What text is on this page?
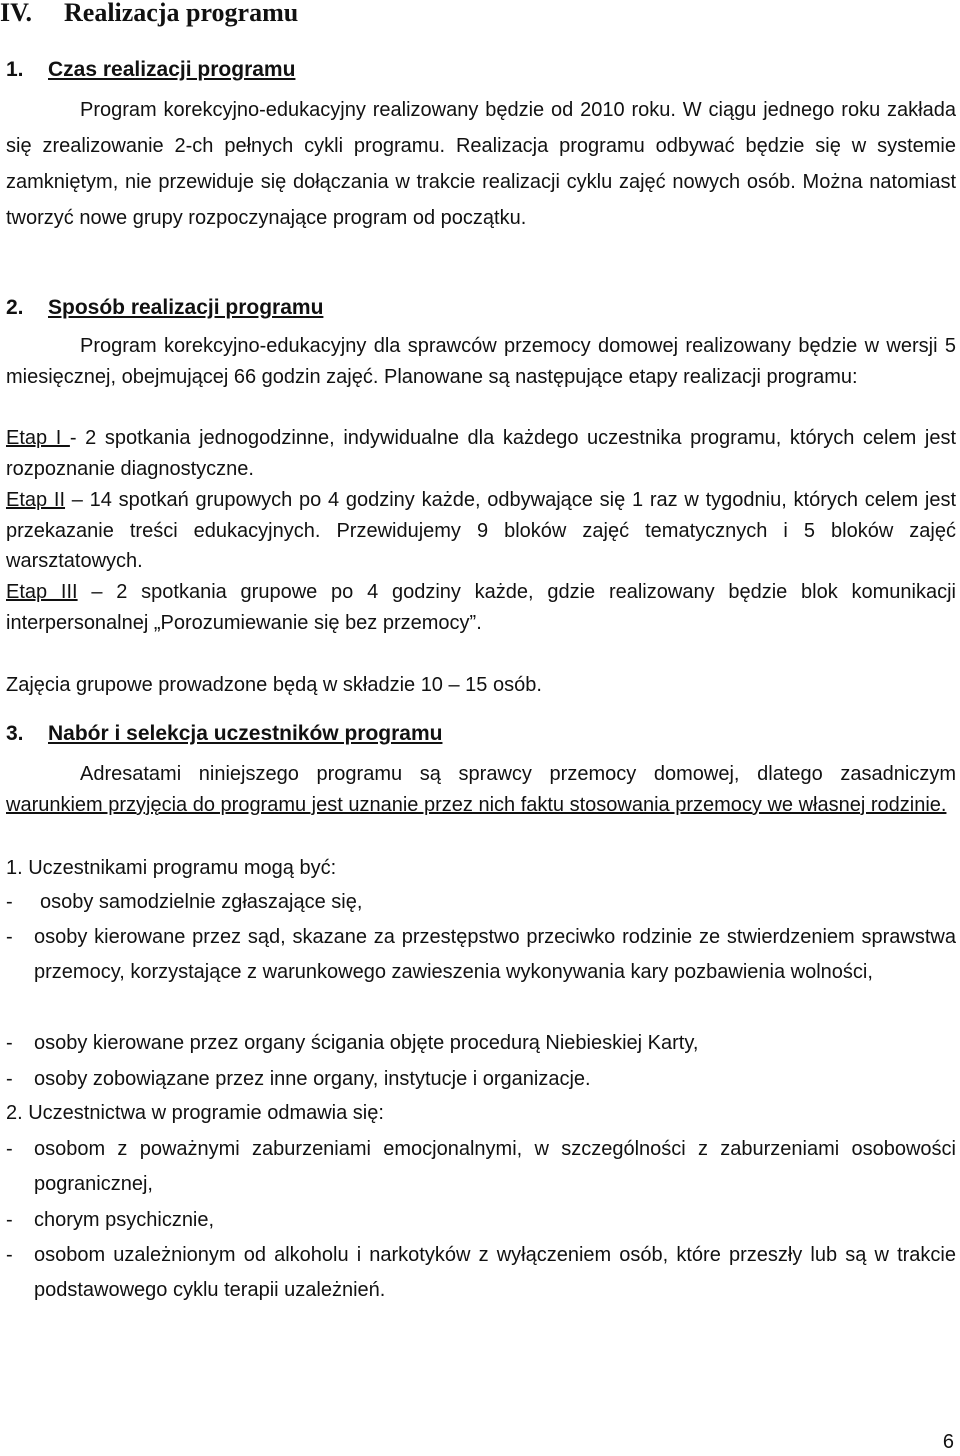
IV. Realizacja programu
1. Czas realizacji programu
Program korekcyjno-edukacyjny realizowany będzie od 2010 roku. W ciągu jednego roku zakłada się zrealizowanie 2-ch pełnych cykli programu. Realizacja programu odbywać będzie się w systemie zamkniętym, nie przewiduje się dołączania w trakcie realizacji cyklu zajęć nowych osób. Można natomiast tworzyć nowe grupy rozpoczynające program od początku.
2. Sposób realizacji programu
Program korekcyjno-edukacyjny dla sprawców przemocy domowej realizowany będzie w wersji 5 miesięcznej, obejmującej 66 godzin zajęć. Planowane są następujące etapy realizacji programu:
Etap I - 2 spotkania jednogodzinne, indywidualne dla każdego uczestnika programu, których celem jest rozpoznanie diagnostyczne.
Etap II – 14 spotkań grupowych po 4 godziny każde, odbywające się 1 raz w tygodniu, których celem jest przekazanie treści edukacyjnych. Przewidujemy 9 bloków zajęć tematycznych i 5 bloków zajęć warsztatowych.
Etap III – 2 spotkania grupowe po 4 godziny każde, gdzie realizowany będzie blok komunikacji interpersonalnej „Porozumiewanie się bez przemocy”.
Zajęcia grupowe prowadzone będą w składzie 10 – 15 osób.
3. Nabór i selekcja uczestników programu
Adresatami niniejszego programu są sprawcy przemocy domowej, dlatego zasadniczym warunkiem przyjęcia do programu jest uznanie przez nich faktu stosowania przemocy we własnej rodzinie.
1. Uczestnikami programu mogą być:
- osoby samodzielnie zgłaszające się,
- osoby kierowane przez sąd, skazane za przestępstwo przeciwko rodzinie ze stwierdzeniem sprawstwa przemocy, korzystające z warunkowego zawieszenia wykonywania kary pozbawienia wolności,
- osoby kierowane przez organy ścigania objęte procedurą Niebieskiej Karty,
- osoby zobowiązane przez inne organy, instytucje i organizacje.
2. Uczestnictwa w programie odmawia się:
- osobom z poważnymi zaburzeniami emocjonalnymi, w szczególności z zaburzeniami osobowości pogranicznej,
- chorym psychicznie,
- osobom uzależnionym od alkoholu i narkotyków z wyłączeniem osób, które przeszły lub są w trakcie podstawowego cyklu terapii uzależnień.
6
